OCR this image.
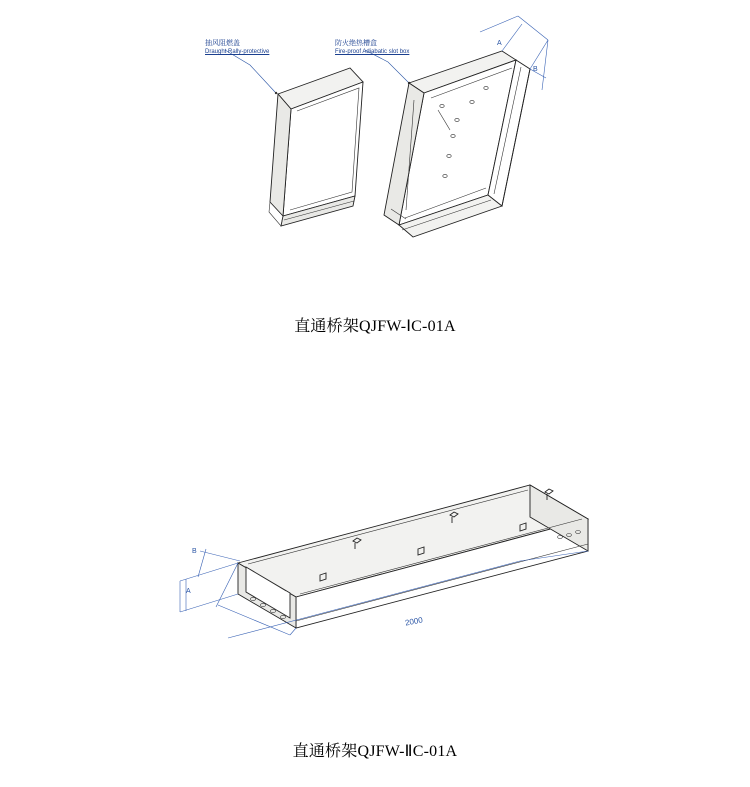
抽风阻燃盖
Draught Rally-protective
防火绝热槽盒
Fire-proof Adiabatic slot box
A
B
直通桥架QJFW-ⅠC-01A
2000
B
A
直通桥架QJFW-ⅡC-01A
